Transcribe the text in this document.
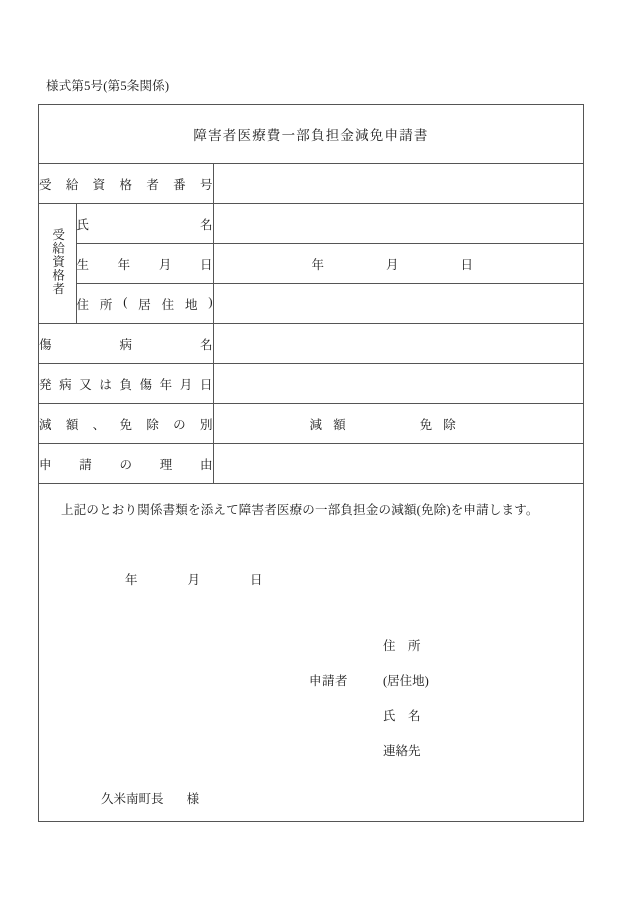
様式第5号(第5条関係)
障害者医療費一部負担金減免申請書		

受 給 資 格 者 番 号

受給資格者	氏 名	

	生 年 月 日	年 月 日

住 所 ( 居 住 地 )

傷 病 名		

発 病 又 は 負 傷 年 月 日

減 額 、 免 除 の 別	減 額	免 除

申 請 の 理 由		

上記のとおり関係書類を添えて障害者医療の一部負担金の減額(免除)を申請します。
年	月	日
住　所
申請者	(居住地)
氏　名
連絡先
久米南町長 様
